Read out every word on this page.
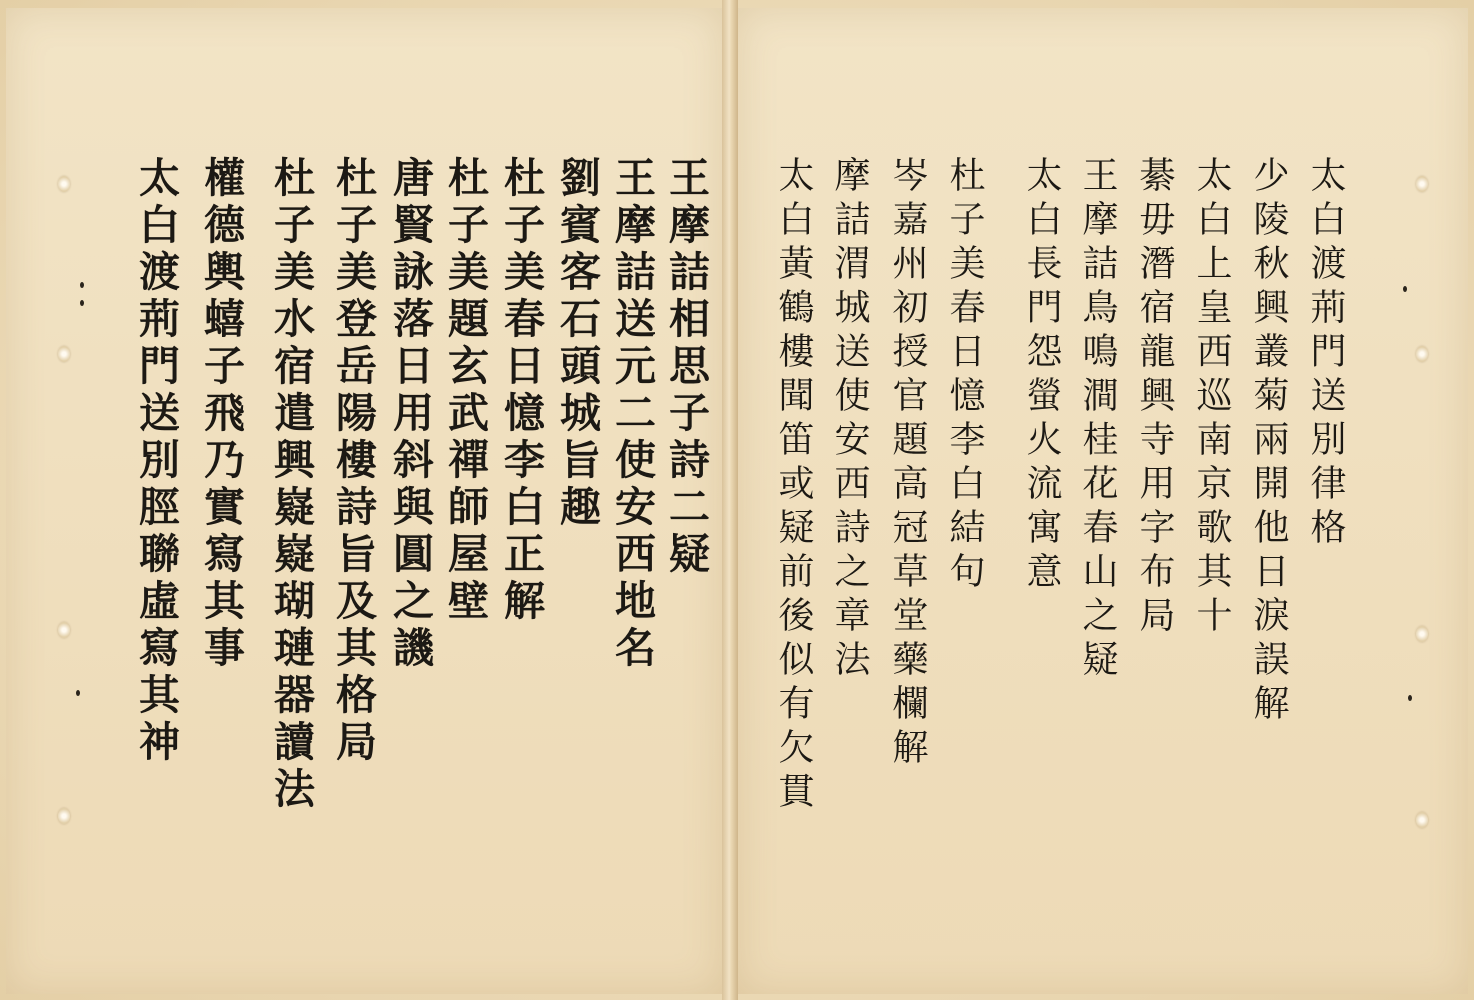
王摩詰相思子詩二疑
王摩詰送元二使安西地名
劉賓客石頭城旨趣
杜子美春日憶李白正解
杜子美題玄武禪師屋壁
唐賢詠落日用斜與圓之譏
杜子美登岳陽樓詩旨及其格局
杜子美水宿遣興嶷嶷瑚璉器讀法
權德輿蟢子飛乃實寫其事
太白渡荊門送別脛聯虛寫其神	太白渡荊門送別律格
少陵秋興叢菊兩開他日淚誤解
太白上皇西巡南京歌其十
綦毋潛宿龍興寺用字布局
王摩詰鳥鳴澗桂花春山之疑
太白長門怨螢火流寓意
杜子美春日憶李白結句
岑嘉州初授官題高冠草堂藥欄解
摩詰渭城送使安西詩之章法
太白黃鶴樓聞笛或疑前後似有欠貫
